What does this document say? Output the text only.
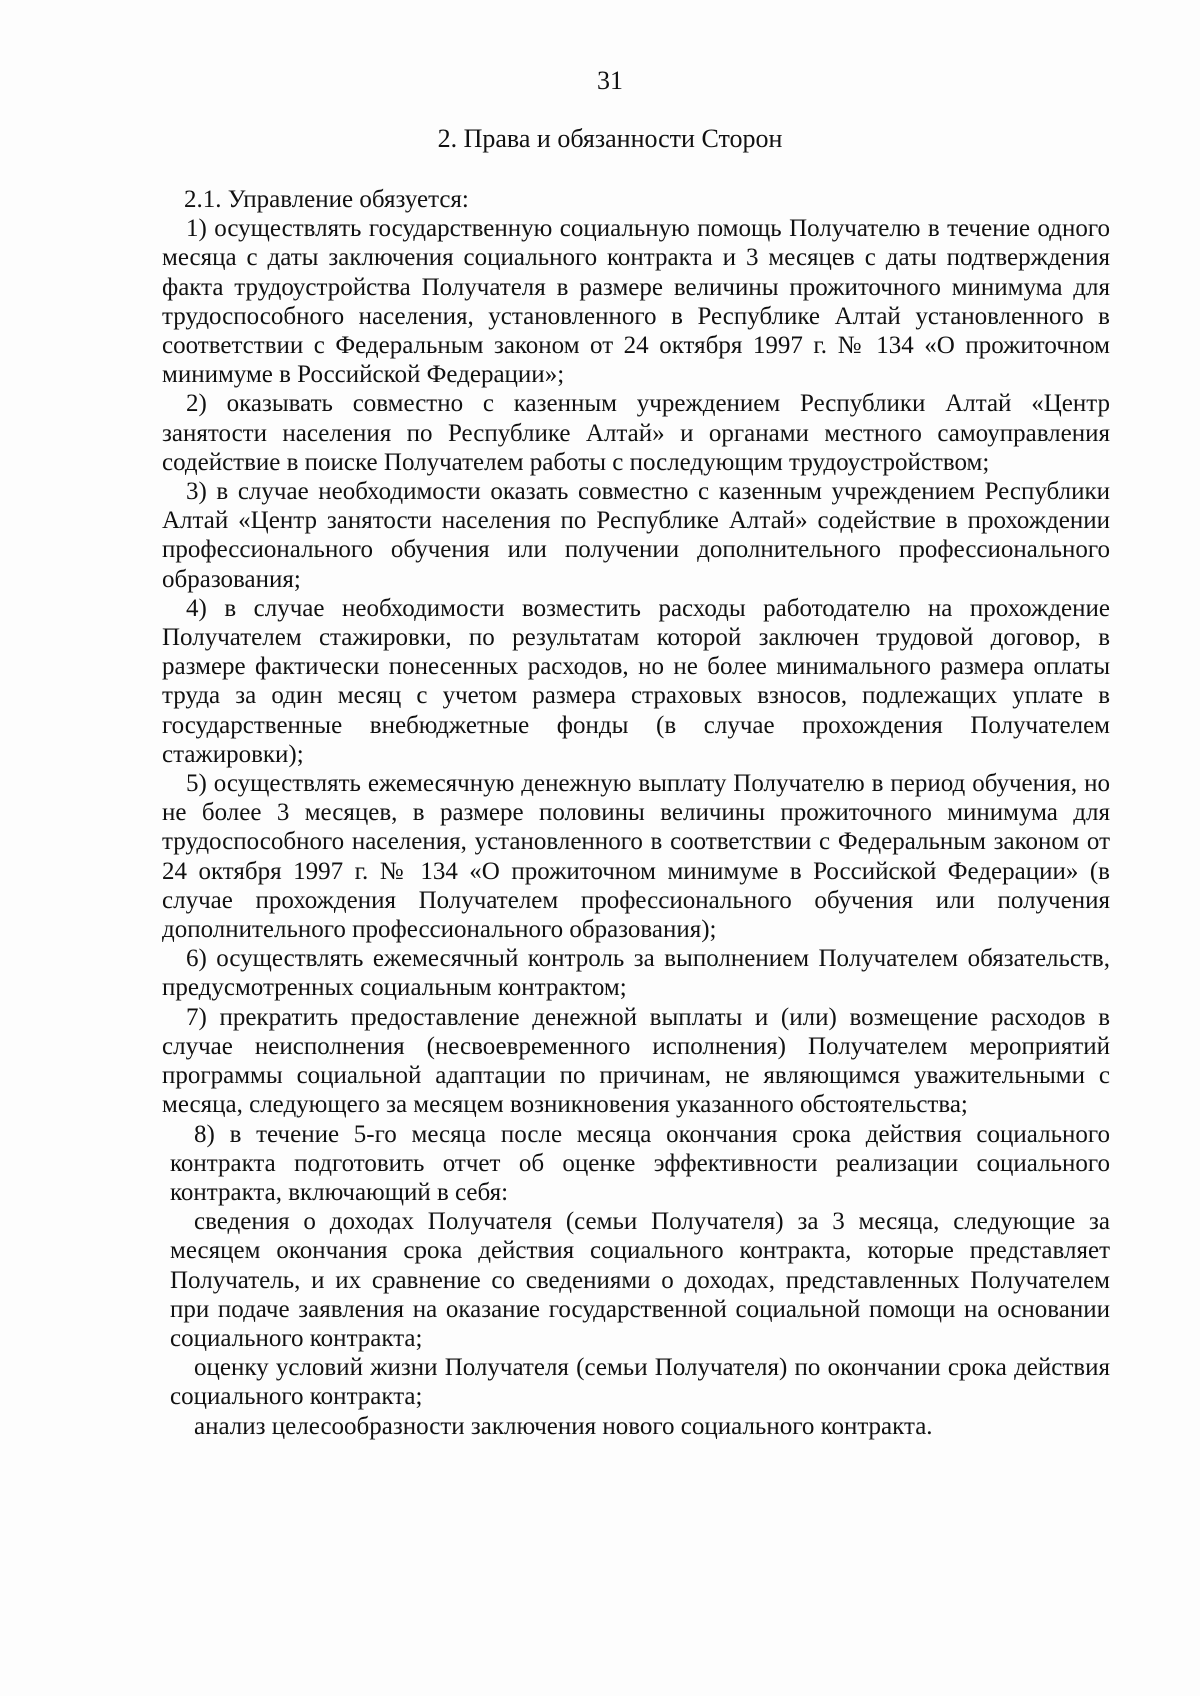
31
2. Права и обязанности Сторон

2.1. Управление обязуется:

1) осуществлять государственную социальную помощь Получателю в течение одного месяца с даты заключения социального контракта и 3 месяцев с даты подтверждения факта трудоустройства Получателя в размере величины прожиточного минимума для трудоспособного населения, установленного в Республике Алтай установленного в соответствии с Федеральным законом от 24 октября 1997 г. № 134 «О прожиточном минимуме в Российской Федерации»;

2) оказывать совместно с казенным учреждением Республики Алтай «Центр занятости населения по Республике Алтай» и органами местного самоуправления содействие в поиске Получателем работы с последующим трудоустройством;

3) в случае необходимости оказать совместно с казенным учреждением Республики Алтай «Центр занятости населения по Республике Алтай» содействие в прохождении профессионального обучения или получении дополнительного профессионального образования;

4) в случае необходимости возместить расходы работодателю на прохождение Получателем стажировки, по результатам которой заключен трудовой договор, в размере фактически понесенных расходов, но не более минимального размера оплаты труда за один месяц с учетом размера страховых взносов, подлежащих уплате в государственные внебюджетные фонды (в случае прохождения Получателем стажировки);

5) осуществлять ежемесячную денежную выплату Получателю в период обучения, но не более 3 месяцев, в размере половины величины прожиточного минимума для трудоспособного населения, установленного в соответствии с Федеральным законом от 24 октября 1997 г. № 134 «О прожиточном минимуме в Российской Федерации» (в случае прохождения Получателем профессионального обучения или получения дополнительного профессионального образования);

6) осуществлять ежемесячный контроль за выполнением Получателем обязательств, предусмотренных социальным контрактом;

7) прекратить предоставление денежной выплаты и (или) возмещение расходов в случае неисполнения (несвоевременного исполнения) Получателем мероприятий программы социальной адаптации по причинам, не являющимся уважительными с месяца, следующего за месяцем возникновения указанного обстоятельства;

8) в течение 5-го месяца после месяца окончания срока действия социального контракта подготовить отчет об оценке эффективности реализации социального контракта, включающий в себя:

сведения о доходах Получателя (семьи Получателя) за 3 месяца, следующие за месяцем окончания срока действия социального контракта, которые представляет Получатель, и их сравнение со сведениями о доходах, представленных Получателем при подаче заявления на оказание государственной социальной помощи на основании социального контракта;

оценку условий жизни Получателя (семьи Получателя) по окончании срока действия социального контракта;

анализ целесообразности заключения нового социального контракта.
